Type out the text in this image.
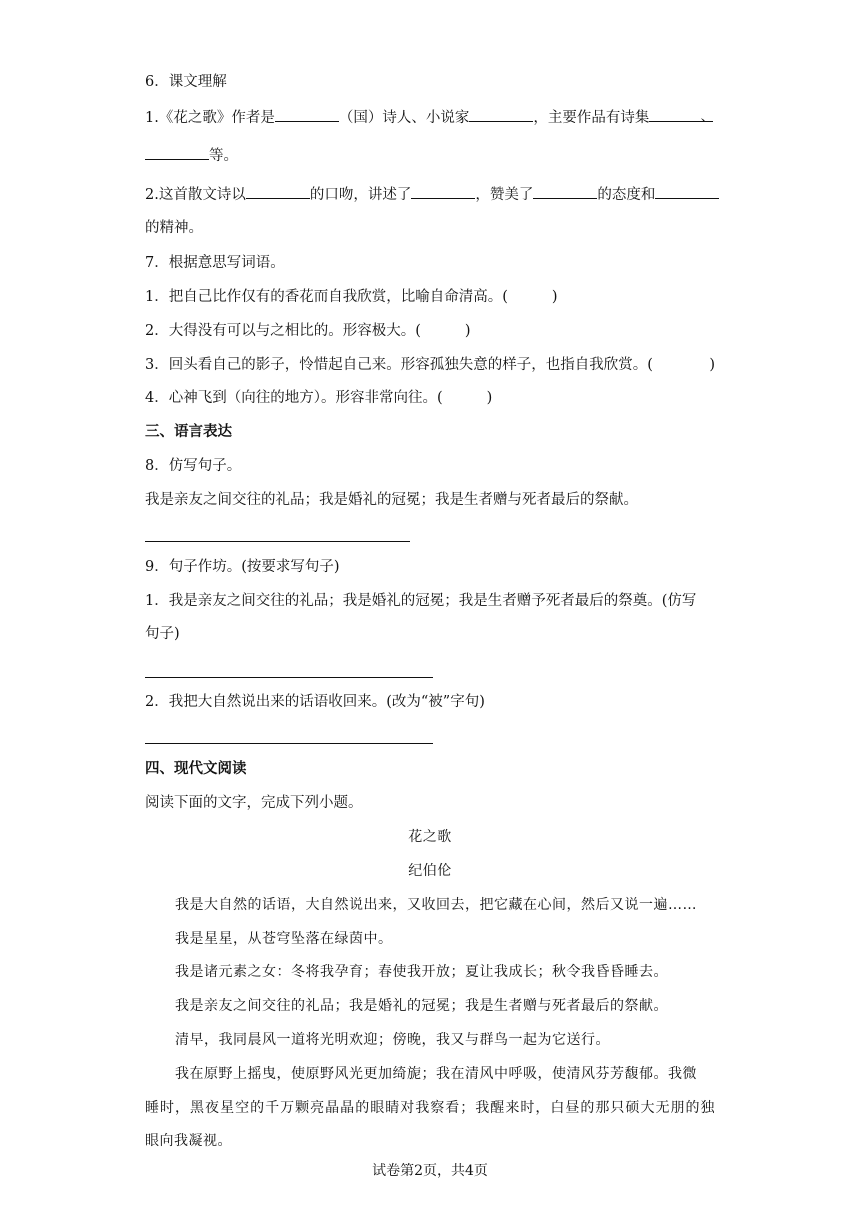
6．课文理解
1.《花之歌》作者是	（国）诗人、小说家	，主要作品有诗集	、
等。
2.这首散文诗以	的口吻，讲述了	，赞美了	的态度和
的精神。
7．根据意思写词语。
1．把自己比作仅有的香花而自我欣赏，比喻自命清高。(	)
2．大得没有可以与之相比的。形容极大。(	)
3．回头看自己的影子，怜惜起自己来。形容孤独失意的样子，也指自我欣赏。(	)
4．心神飞到（向往的地方）。形容非常向往。(	)
三、语言表达
8．仿写句子。
我是亲友之间交往的礼品；我是婚礼的冠冕；我是生者赠与死者最后的祭献。
9．句子作坊。(按要求写句子)
1．我是亲友之间交往的礼品；我是婚礼的冠冕；我是生者赠予死者最后的祭奠。(仿写
句子)
2．我把大自然说出来的话语收回来。(改为“被”字句)
四、现代文阅读
阅读下面的文字，完成下列小题。
花之歌
纪伯伦
我是大自然的话语，大自然说出来，又收回去，把它藏在心间，然后又说一遍……
我是星星，从苍穹坠落在绿茵中。
我是诸元素之女：冬将我孕育；春使我开放；夏让我成长；秋令我昏昏睡去。
我是亲友之间交往的礼品；我是婚礼的冠冕；我是生者赠与死者最后的祭献。
清早，我同晨风一道将光明欢迎；傍晚，我又与群鸟一起为它送行。
我在原野上摇曳，使原野风光更加绮旎；我在清风中呼吸，使清风芬芳馥郁。我微
睡时，黑夜星空的千万颗亮晶晶的眼睛对我察看；我醒来时，白昼的那只硕大无朋的独
眼向我凝视。
试卷第2页，共4页
